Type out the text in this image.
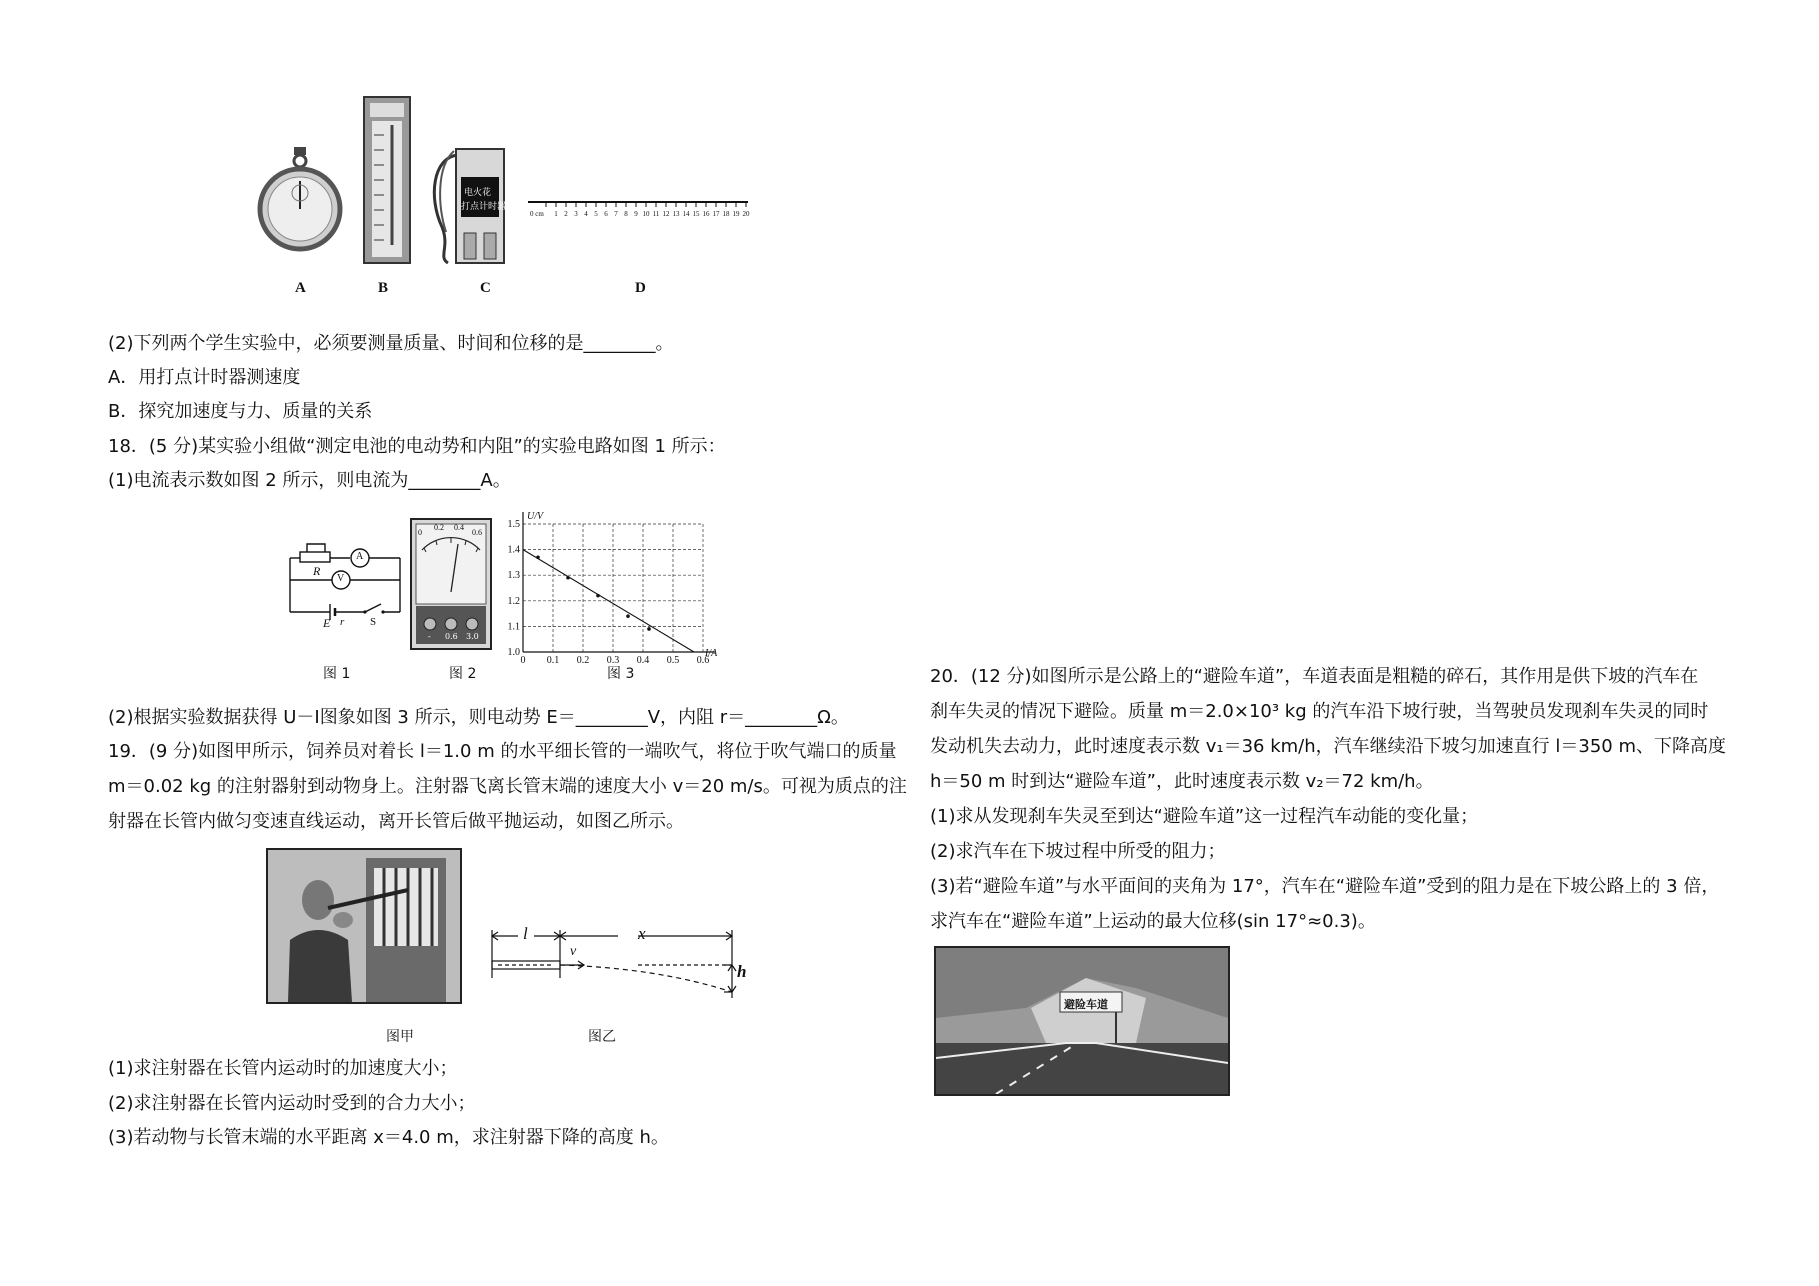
A	B
电火花
打点计时器
C
0 cm 1 2 3 4 5 6 7 8 9 10 11 12 13 14 15 16 17 18 19 20
D
(2)下列两个学生实验中，必须要测量质量、时间和位移的是________。
A．用打点计时器测速度
B．探究加速度与力、质量的关系
18．(5 分)某实验小组做“测定电池的电动势和内阻”的实验电路如图 1 所示：
(1)电流表示数如图 2 所示，则电流为________A。
R
A
V
E r S
图 1
0
0.2 0.4
0.6
- 0.6 3.0
图 2
0 0.1 0.2 0.3 0.4 0.5 0.6
1.0
1.1
1.2
1.3
1.4
1.5
U/V
I/A
图 3
(2)根据实验数据获得 U－I图象如图 3 所示，则电动势 E＝________V，内阻 r＝________Ω。
19．(9 分)如图甲所示，饲养员对着长 l＝1.0 m 的水平细长管的一端吹气，将位于吹气端口的质量
m＝0.02 kg 的注射器射到动物身上。注射器飞离长管末端的速度大小 v＝20 m/s。可视为质点的注
射器在长管内做匀变速直线运动，离开长管后做平抛运动，如图乙所示。
l	x
v
h
图甲	图乙
(1)求注射器在长管内运动时的加速度大小；
(2)求注射器在长管内运动时受到的合力大小；
(3)若动物与长管末端的水平距离 x＝4.0 m，求注射器下降的高度 h。
20．(12 分)如图所示是公路上的“避险车道”，车道表面是粗糙的碎石，其作用是供下坡的汽车在
刹车失灵的情况下避险。质量 m＝2.0×10³ kg 的汽车沿下坡行驶，当驾驶员发现刹车失灵的同时
发动机失去动力，此时速度表示数 v₁＝36 km/h，汽车继续沿下坡匀加速直行 l＝350 m、下降高度
h＝50 m 时到达“避险车道”，此时速度表示数 v₂＝72 km/h。
(1)求从发现刹车失灵至到达“避险车道”这一过程汽车动能的变化量；
(2)求汽车在下坡过程中所受的阻力；
(3)若“避险车道”与水平面间的夹角为 17°，汽车在“避险车道”受到的阻力是在下坡公路上的 3 倍，
求汽车在“避险车道”上运动的最大位移(sin 17°≈0.3)。
避险车道
